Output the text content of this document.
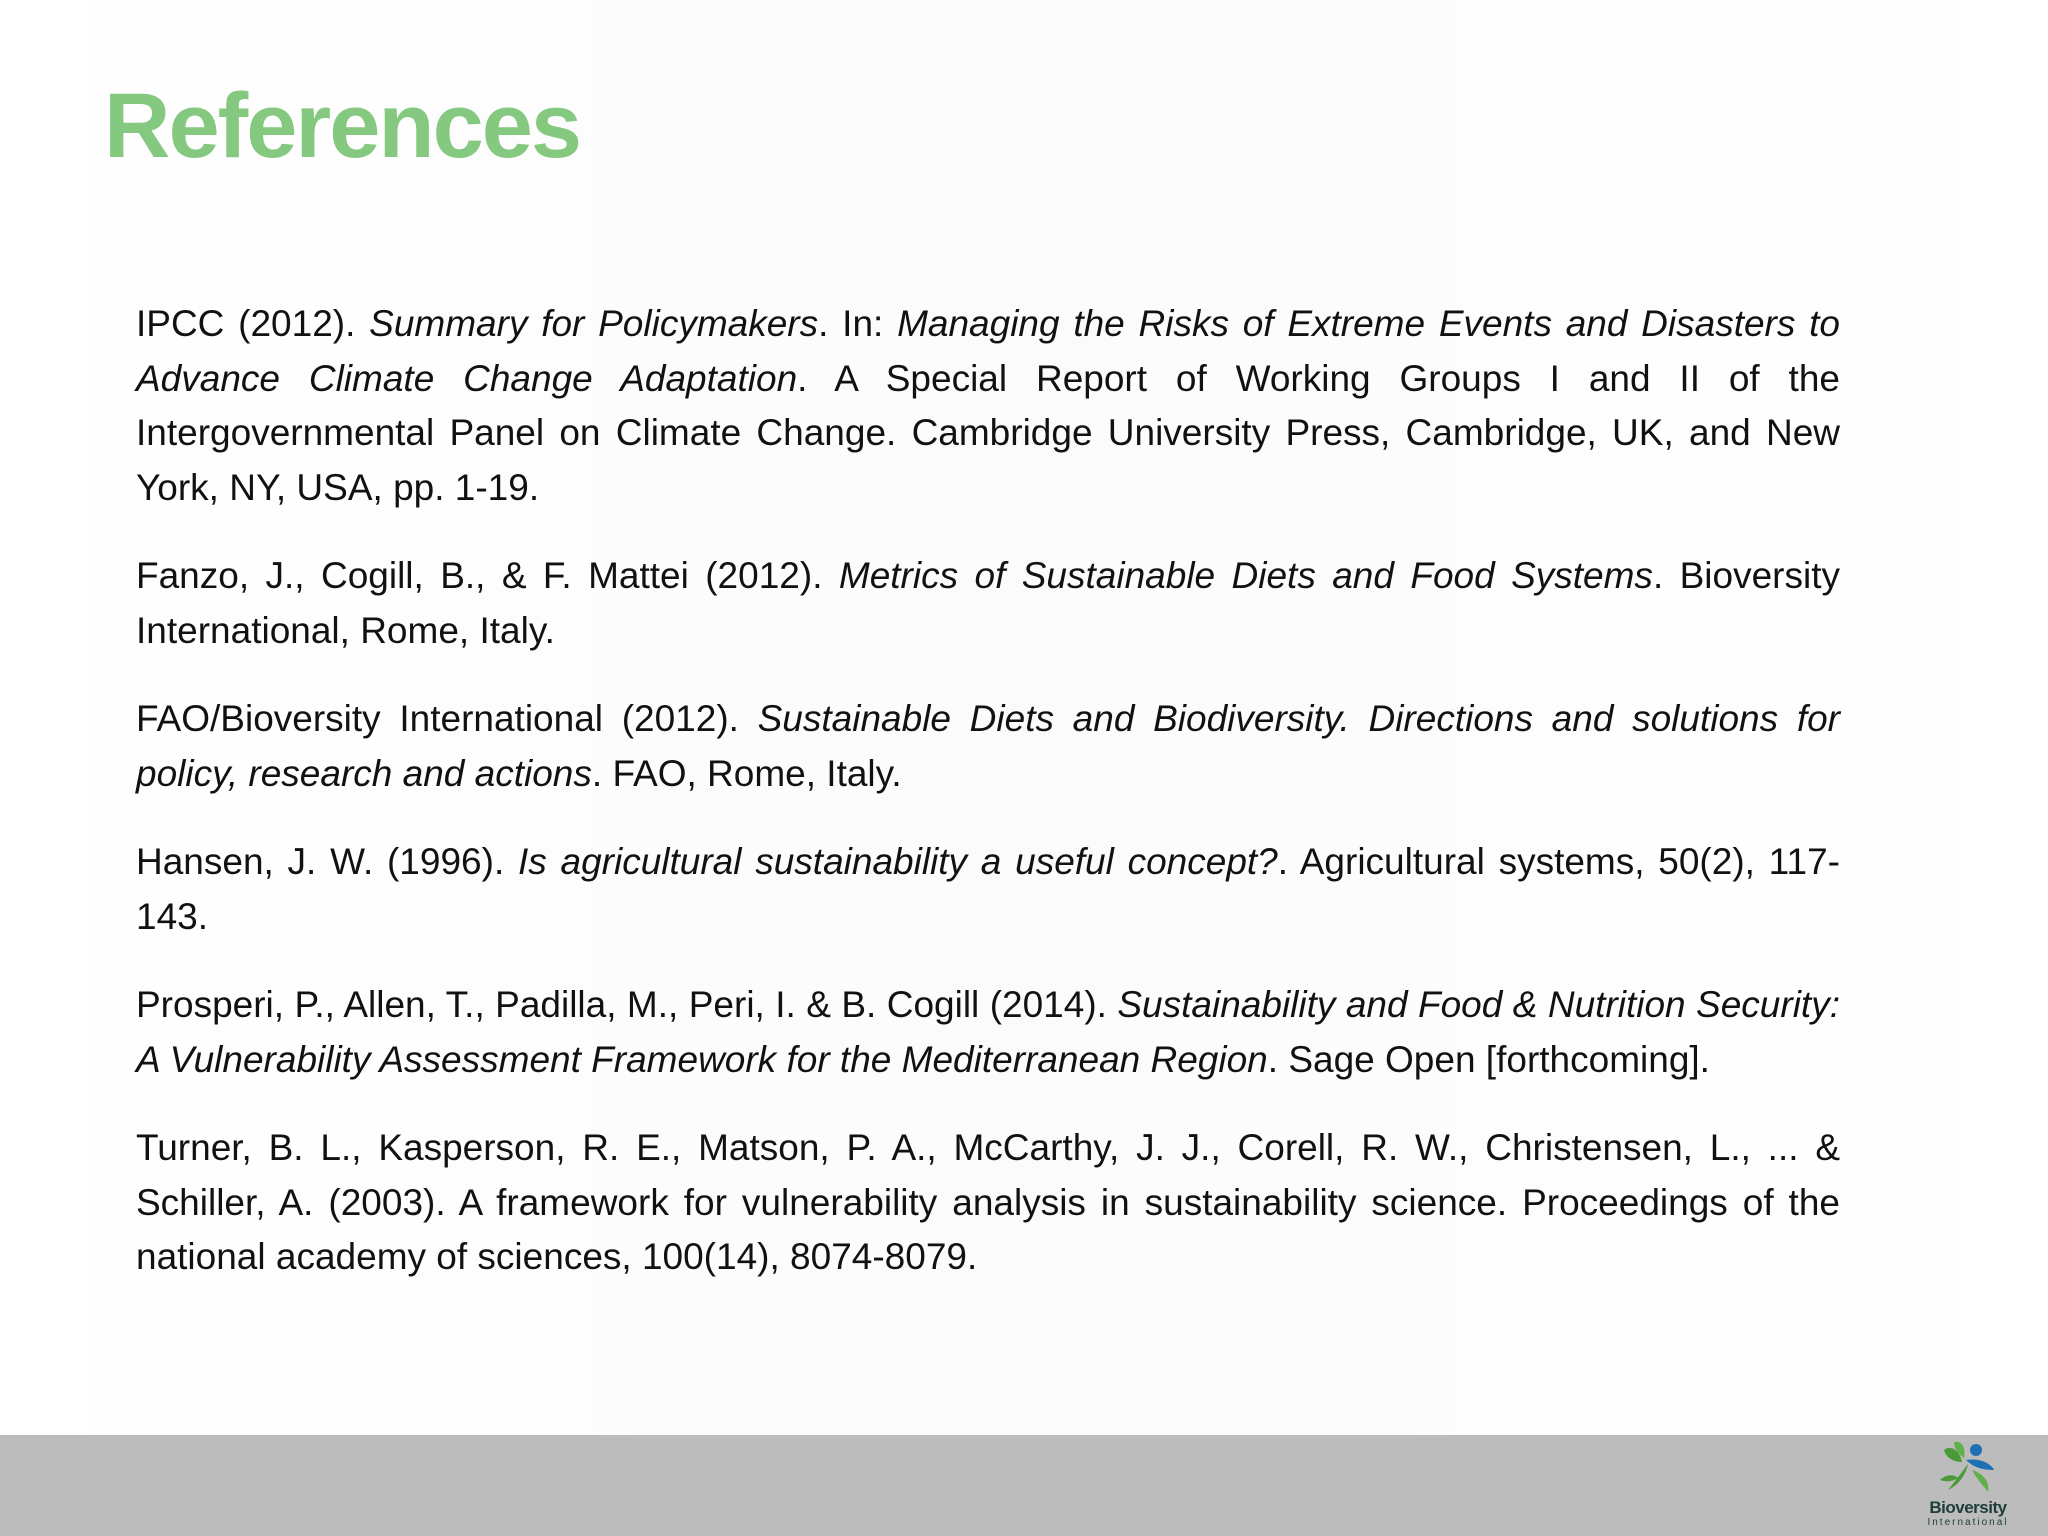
References
IPCC (2012). Summary for Policymakers. In: Managing the Risks of Extreme Events and Disasters to Advance Climate Change Adaptation. A Special Report of Working Groups I and II of the Intergovernmental Panel on Climate Change. Cambridge University Press, Cambridge, UK, and New York, NY, USA, pp. 1-19.
Fanzo, J., Cogill, B., & F. Mattei (2012). Metrics of Sustainable Diets and Food Systems. Bioversity International, Rome, Italy.
FAO/Bioversity International (2012). Sustainable Diets and Biodiversity. Directions and solutions for policy, research and actions. FAO, Rome, Italy.
Hansen, J. W. (1996). Is agricultural sustainability a useful concept?. Agricultural systems, 50(2), 117-143.
Prosperi, P., Allen, T., Padilla, M., Peri, I. & B. Cogill (2014). Sustainability and Food & Nutrition Security: A Vulnerability Assessment Framework for the Mediterranean Region. Sage Open [forthcoming].
Turner, B. L., Kasperson, R. E., Matson, P. A., McCarthy, J. J., Corell, R. W., Christensen, L., ... & Schiller, A. (2003). A framework for vulnerability analysis in sustainability science. Proceedings of the national academy of sciences, 100(14), 8074-8079.
Bioversity
International
